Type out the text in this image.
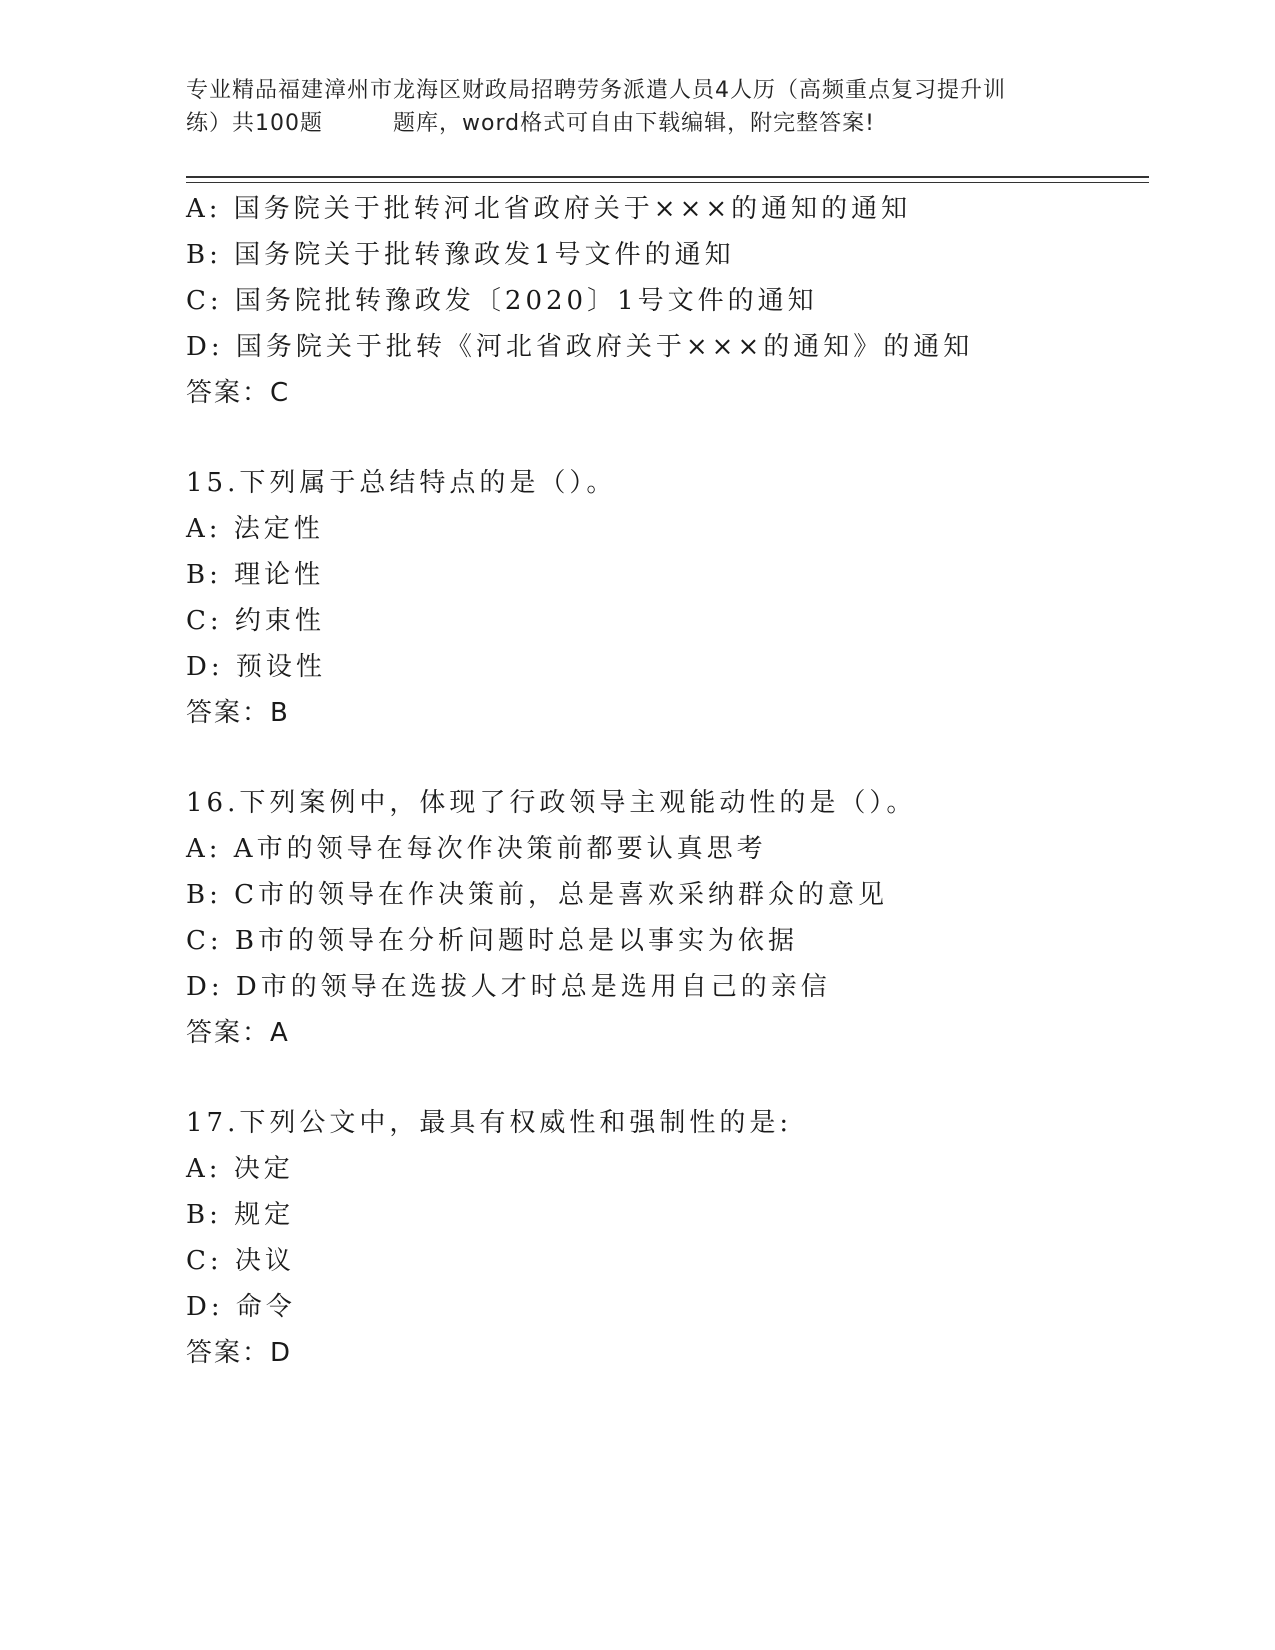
专业精品福建漳州市龙海区财政局招聘劳务派遣人员4人历（高频重点复习提升训
练）共100题	题库，word格式可自由下载编辑，附完整答案!
A: 国务院关于批转河北省政府关于×××的通知的通知
B: 国务院关于批转豫政发1号文件的通知
C: 国务院批转豫政发〔2020〕1号文件的通知
D: 国务院关于批转《河北省政府关于×××的通知》的通知
答案：C
15.下列属于总结特点的是（）。
A: 法定性
B: 理论性
C: 约束性
D: 预设性
答案：B
16.下列案例中，体现了行政领导主观能动性的是（）。
A: A市的领导在每次作决策前都要认真思考
B: C市的领导在作决策前，总是喜欢采纳群众的意见
C: B市的领导在分析问题时总是以事实为依据
D: D市的领导在选拔人才时总是选用自己的亲信
答案：A
17.下列公文中，最具有权威性和强制性的是:
A: 决定
B: 规定
C: 决议
D: 命令
答案：D
